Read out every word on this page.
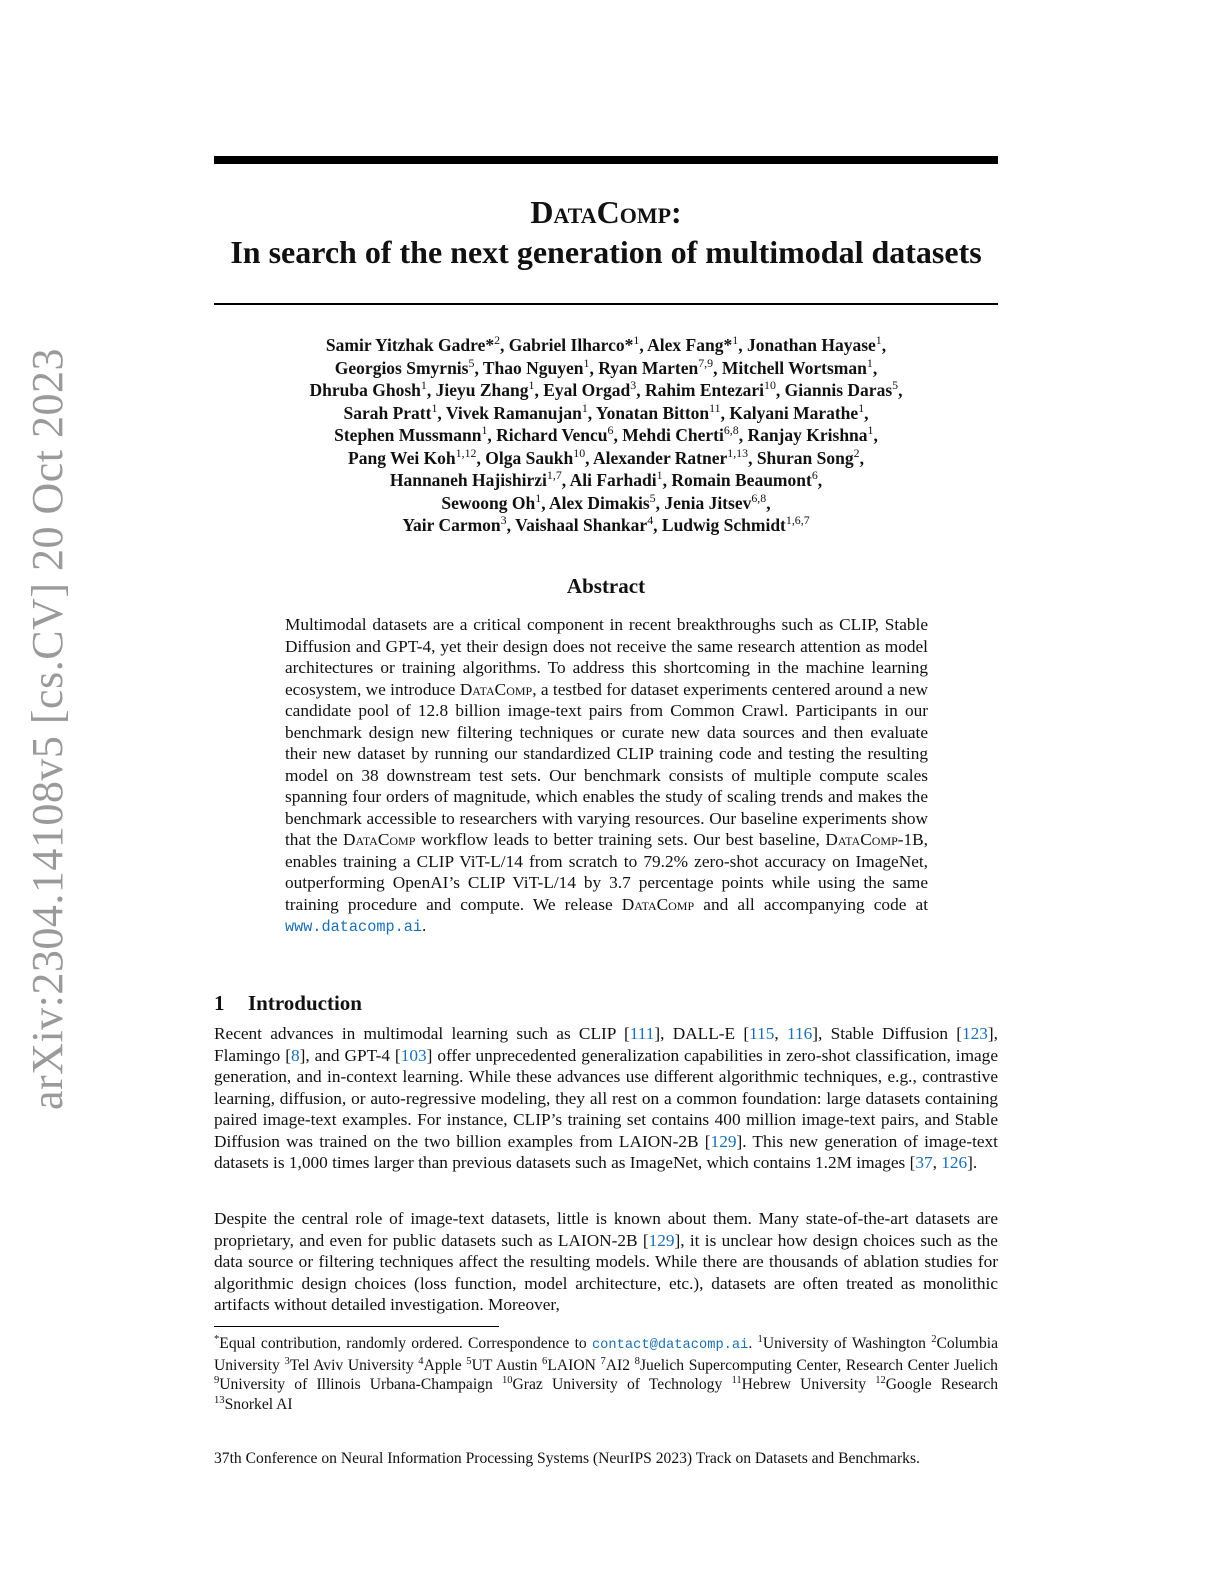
arXiv:2304.14108v5 [cs.CV] 20 Oct 2023
DataComp:
In search of the next generation of multimodal datasets
Samir Yitzhak Gadre*$^2$, Gabriel Ilharco*$^1$, Alex Fang*$^1$, Jonathan Hayase$^1$,
Georgios Smyrnis$^5$, Thao Nguyen$^1$, Ryan Marten$^{7,9}$, Mitchell Wortsman$^1$,
Dhruba Ghosh$^1$, Jieyu Zhang$^1$, Eyal Orgad$^3$, Rahim Entezari$^{10}$, Giannis Daras$^5$,
Sarah Pratt$^1$, Vivek Ramanujan$^1$, Yonatan Bitton$^{11}$, Kalyani Marathe$^1$,
Stephen Mussmann$^1$, Richard Vencu$^6$, Mehdi Cherti$^{6,8}$, Ranjay Krishna$^1$,
Pang Wei Koh$^{1,12}$, Olga Saukh$^{10}$, Alexander Ratner$^{1,13}$, Shuran Song$^2$,
Hannaneh Hajishirzi$^{1,7}$, Ali Farhadi$^1$, Romain Beaumont$^6$,
Sewoong Oh$^1$, Alex Dimakis$^5$, Jenia Jitsev$^{6,8}$,
Yair Carmon$^3$, Vaishaal Shankar$^4$, Ludwig Schmidt$^{1,6,7}$
Abstract
Multimodal datasets are a critical component in recent breakthroughs such as CLIP, Stable Diffusion and GPT-4, yet their design does not receive the same research attention as model architectures or training algorithms. To address this shortcoming in the machine learning ecosystem, we introduce DataComp, a testbed for dataset experiments centered around a new candidate pool of 12.8 billion image-text pairs from Common Crawl. Participants in our benchmark design new filtering techniques or curate new data sources and then evaluate their new dataset by running our standardized CLIP training code and testing the resulting model on 38 downstream test sets. Our benchmark consists of multiple compute scales spanning four orders of magnitude, which enables the study of scaling trends and makes the benchmark accessible to researchers with varying resources. Our baseline experiments show that the DataComp workflow leads to better training sets. Our best baseline, DataComp-1B, enables training a CLIP ViT-L/14 from scratch to 79.2% zero-shot accuracy on ImageNet, outperforming OpenAI’s CLIP ViT-L/14 by 3.7 percentage points while using the same training procedure and compute. We release DataComp and all accompanying code at www.datacomp.ai.
1 Introduction
Recent advances in multimodal learning such as CLIP [111], DALL-E [115, 116], Stable Diffusion [123], Flamingo [8], and GPT-4 [103] offer unprecedented generalization capabilities in zero-shot classification, image generation, and in-context learning. While these advances use different algorithmic techniques, e.g., contrastive learning, diffusion, or auto-regressive modeling, they all rest on a common foundation: large datasets containing paired image-text examples. For instance, CLIP’s training set contains 400 million image-text pairs, and Stable Diffusion was trained on the two billion examples from LAION-2B [129]. This new generation of image-text datasets is 1,000 times larger than previous datasets such as ImageNet, which contains 1.2M images [37, 126].
Despite the central role of image-text datasets, little is known about them. Many state-of-the-art datasets are proprietary, and even for public datasets such as LAION-2B [129], it is unclear how design choices such as the data source or filtering techniques affect the resulting models. While there are thousands of ablation studies for algorithmic design choices (loss function, model architecture, etc.), datasets are often treated as monolithic artifacts without detailed investigation. Moreover,
*Equal contribution, randomly ordered. Correspondence to contact@datacomp.ai. $^1$University of Washington $^2$Columbia University $^3$Tel Aviv University $^4$Apple $^5$UT Austin $^6$LAION $^7$AI2 $^8$Juelich Supercomputing Center, Research Center Juelich $^9$University of Illinois Urbana-Champaign $^{10}$Graz University of Technology $^{11}$Hebrew University $^{12}$Google Research $^{13}$Snorkel AI
37th Conference on Neural Information Processing Systems (NeurIPS 2023) Track on Datasets and Benchmarks.
